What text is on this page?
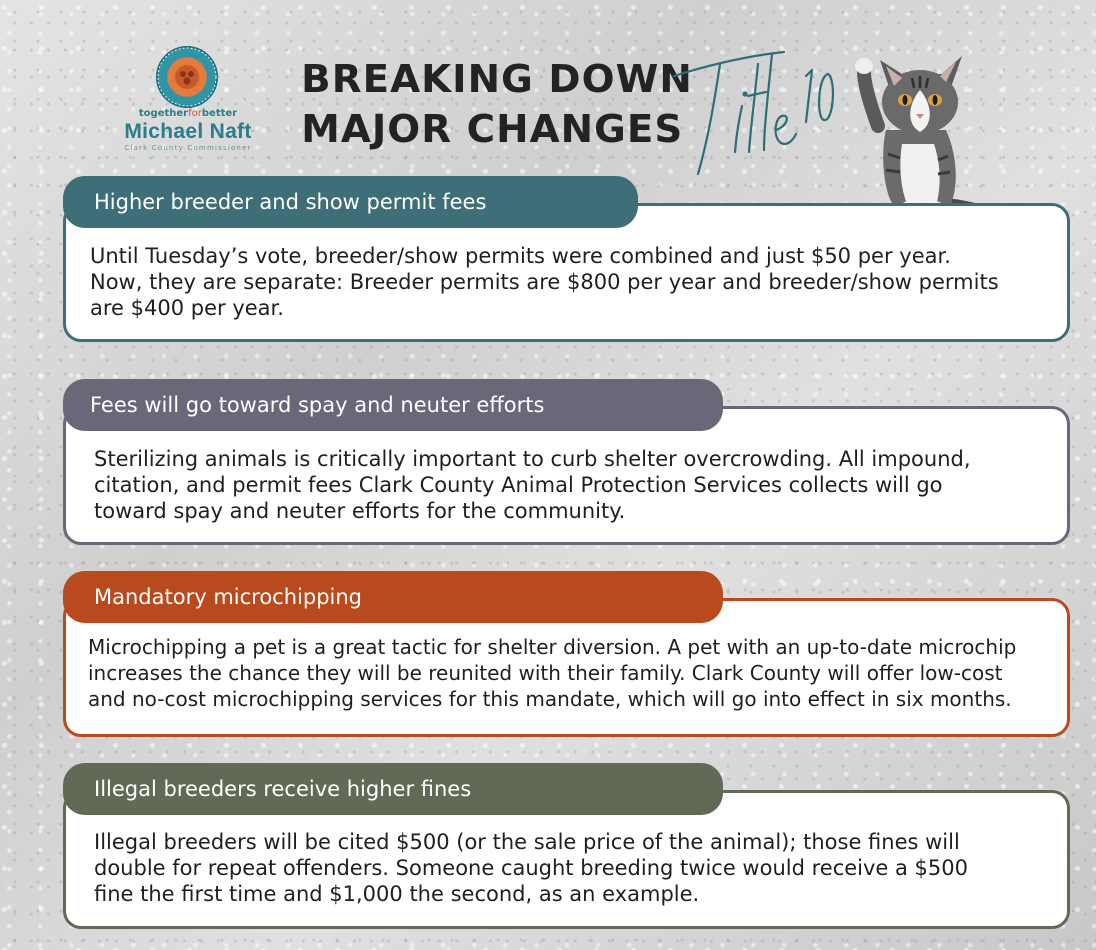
togetherforbetter
Michael Naft
Clark County Commissioner
BREAKING DOWN
MAJOR CHANGES
Higher breeder and show permit fees

Until Tuesday’s vote, breeder/show permits were combined and just $50 per year.
Now, they are separate: Breeder permits are $800 per year and breeder/show permits
are $400 per year.

Fees will go toward spay and neuter efforts

Sterilizing animals is critically important to curb shelter overcrowding. All impound,
citation, and permit fees Clark County Animal Protection Services collects will go
toward spay and neuter efforts for the community.

Mandatory microchipping

Microchipping a pet is a great tactic for shelter diversion. A pet with an up-to-date microchip
increases the chance they will be reunited with their family. Clark County will offer low-cost
and no-cost microchipping services for this mandate, which will go into effect in six months.

Illegal breeders receive higher fines

Illegal breeders will be cited $500 (or the sale price of the animal); those fines will
double for repeat offenders. Someone caught breeding twice would receive a $500
fine the first time and $1,000 the second, as an example.
